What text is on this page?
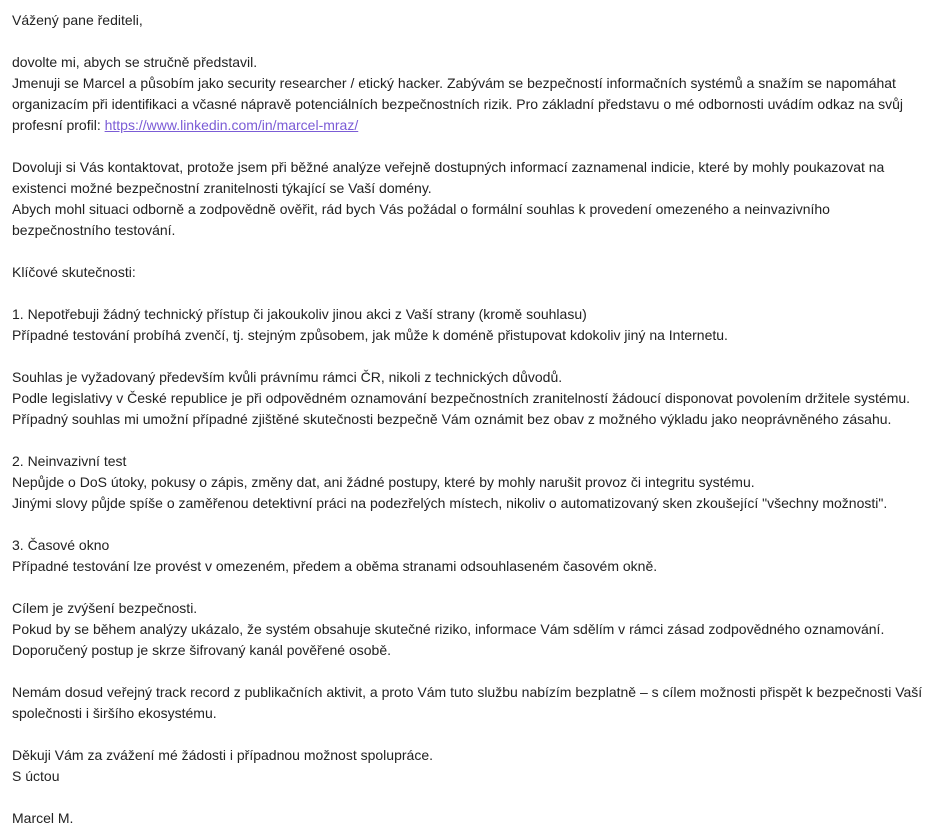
Vážený pane řediteli,
dovolte mi, abych se stručně představil.
Jmenuji se Marcel a působím jako security researcher / etický hacker. Zabývám se bezpečností informačních systémů a snažím se napomáhat
organizacím při identifikaci a včasné nápravě potenciálních bezpečnostních rizik. Pro základní představu o mé odbornosti uvádím odkaz na svůj
profesní profil: https://www.linkedin.com/in/marcel-mraz/
Dovoluji si Vás kontaktovat, protože jsem při běžné analýze veřejně dostupných informací zaznamenal indicie, které by mohly poukazovat na
existenci možné bezpečnostní zranitelnosti týkající se Vaší domény.
Abych mohl situaci odborně a zodpovědně ověřit, rád bych Vás požádal o formální souhlas k provedení omezeného a neinvazivního
bezpečnostního testování.
Klíčové skutečnosti:
1. Nepotřebuji žádný technický přístup či jakoukoliv jinou akci z Vaší strany (kromě souhlasu)
Případné testování probíhá zvenčí, tj. stejným způsobem, jak může k doméně přistupovat kdokoliv jiný na Internetu.
Souhlas je vyžadovaný především kvůli právnímu rámci ČR, nikoli z technických důvodů.
Podle legislativy v České republice je při odpovědném oznamování bezpečnostních zranitelností žádoucí disponovat povolením držitele systému.
Případný souhlas mi umožní případné zjištěné skutečnosti bezpečně Vám oznámit bez obav z možného výkladu jako neoprávněného zásahu.
2. Neinvazivní test
Nepůjde o DoS útoky, pokusy o zápis, změny dat, ani žádné postupy, které by mohly narušit provoz či integritu systému.
Jinými slovy půjde spíše o zaměřenou detektivní práci na podezřelých místech, nikoliv o automatizovaný sken zkoušející "všechny možnosti".
3. Časové okno
Případné testování lze provést v omezeném, předem a oběma stranami odsouhlaseném časovém okně.
Cílem je zvýšení bezpečnosti.
Pokud by se během analýzy ukázalo, že systém obsahuje skutečné riziko, informace Vám sdělím v rámci zásad zodpovědného oznamování.
Doporučený postup je skrze šifrovaný kanál pověřené osobě.
Nemám dosud veřejný track record z publikačních aktivit, a proto Vám tuto službu nabízím bezplatně – s cílem možnosti přispět k bezpečnosti Vaší
společnosti i širšího ekosystému.
Děkuji Vám za zvážení mé žádosti i případnou možnost spolupráce.
S úctou
Marcel M.
